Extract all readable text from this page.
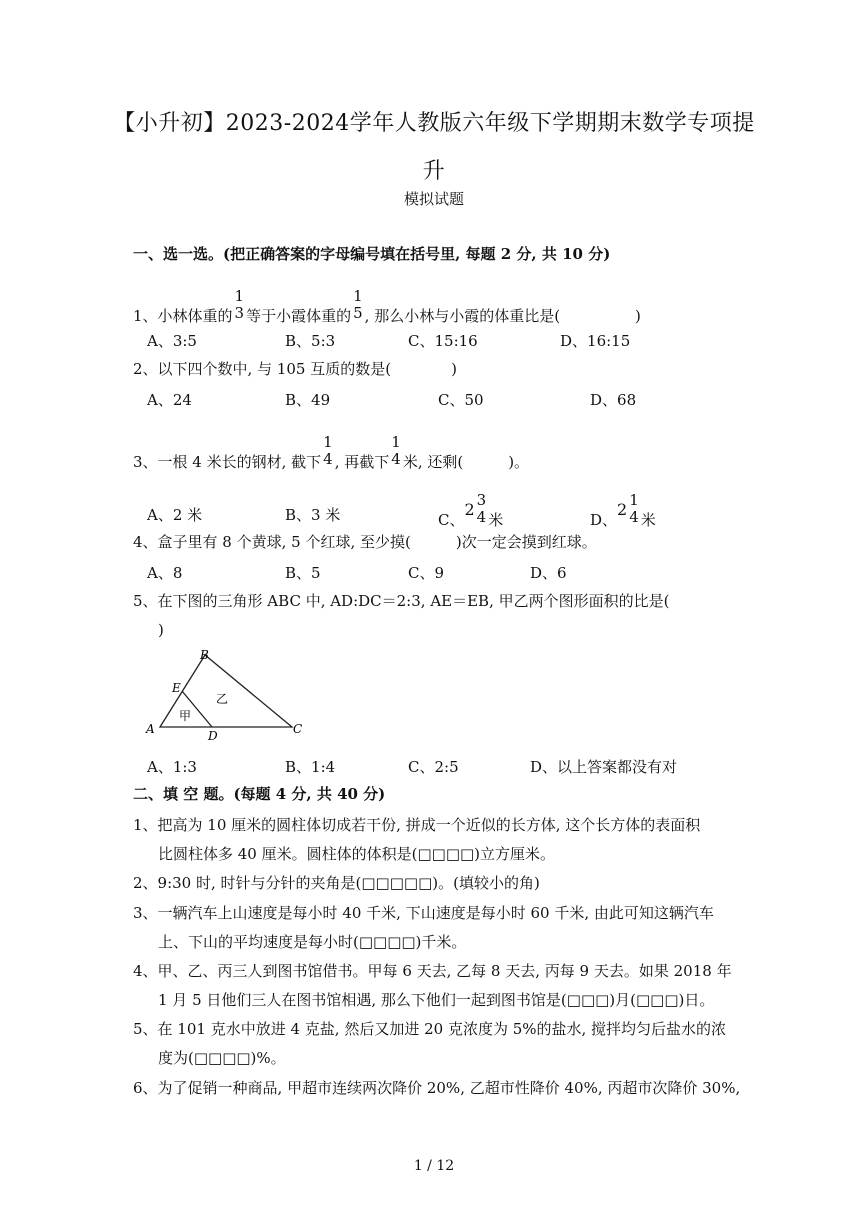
【小升初】2023-2024学年人教版六年级下学期期末数学专项提
升
模拟试题
一、选一选。(把正确答案的字母编号填在括号里, 每题 2 分, 共 10 分)
1、小林体重的
1
3 等于小霞体重的
1
5 , 那么小林与小霞的体重比是(　　　　　)
A、3:5	B、5:3	C、15:16	D、16:15
2、以下四个数中, 与 105 互质的数是(　　　　)
A、24	B、49	C、50	D、68
3、一根 4 米长的钢材, 截下
1
4 , 再截下
1
4 米, 还剩(　　　)。
A、2 米	B、3 米	C、2 3
4 米	D、2 1
4 米
4、盒子里有 8 个黄球, 5 个红球, 至少摸(　　　)次一定会摸到红球。
A、8	B、5	C、9	D、6
5、在下图的三角形 ABC 中, AD:DC＝2:3, AE＝EB, 甲乙两个图形面积的比是(
)
A
B
C
D
E
甲
乙
A、1:3	B、1:4	C、2:5	D、以上答案都没有对
二、填 空 题。(每题 4 分, 共 40 分)
1、把高为 10 厘米的圆柱体切成若干份, 拼成一个近似的长方体, 这个长方体的表面积
比圆柱体多 40 厘米。圆柱体的体积是(□□□□)立方厘米。
2、9:30 时, 时针与分针的夹角是(□□□□□)。(填较小的角)
3、一辆汽车上山速度是每小时 40 千米, 下山速度是每小时 60 千米, 由此可知这辆汽车
上、下山的平均速度是每小时(□□□□)千米。
4、甲、乙、丙三人到图书馆借书。甲每 6 天去, 乙每 8 天去, 丙每 9 天去。如果 2018 年
1 月 5 日他们三人在图书馆相遇, 那么下他们一起到图书馆是(□□□)月(□□□)日。
5、在 101 克水中放进 4 克盐, 然后又加进 20 克浓度为 5%的盐水, 搅拌均匀后盐水的浓
度为(□□□□)%。
6、为了促销一种商品, 甲超市连续两次降价 20%, 乙超市性降价 40%, 丙超市次降价 30%,
1 / 12
